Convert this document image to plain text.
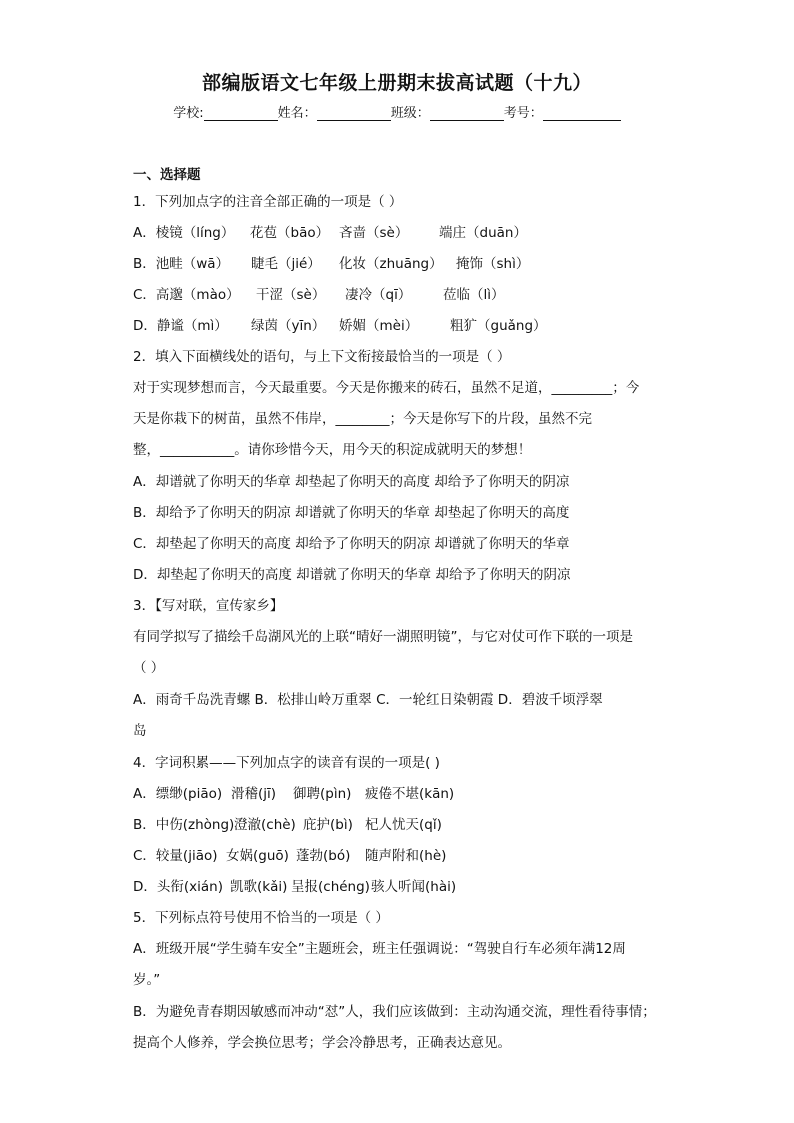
部编版语文七年级上册期末拔高试题（十九）
学校:	姓名：	班级：	考号：
一、选择题
1．下列加点字的注音全部正确的一项是（ ）
A．棱镜（líng） 花苞（bāo） 吝啬（sè） 端庄（duān）
B．池畦（wā） 睫毛（jié） 化妆（zhuāng） 掩饰（shì）
C．高邈（mào） 干涩（sè） 凄冷（qī） 莅临（lì）
D．静谧（mì） 绿茵（yīn） 娇媚（mèi） 粗犷（guǎng）
2．填入下面横线处的语句，与上下文衔接最恰当的一项是（ ）
对于实现梦想而言，今天最重要。今天是你搬来的砖石，虽然不足道，_________；今
天是你栽下的树苗，虽然不伟岸，________；今天是你写下的片段，虽然不完
整，___________。请你珍惜今天，用今天的积淀成就明天的梦想！
A．却谱就了你明天的华章 却垫起了你明天的高度 却给予了你明天的阴凉
B．却给予了你明天的阴凉 却谱就了你明天的华章 却垫起了你明天的高度
C．却垫起了你明天的高度 却给予了你明天的阴凉 却谱就了你明天的华章
D．却垫起了你明天的高度 却谱就了你明天的华章 却给予了你明天的阴凉
3．【写对联，宣传家乡】
有同学拟写了描绘千岛湖风光的上联“晴好一湖照明镜”，与它对仗可作下联的一项是
（ ）
A．雨奇千岛洗青螺 B．松排山岭万重翠 C．一轮红日染朝霞 D．碧波千顷浮翠
岛
4．字词积累——下列加点字的读音有误的一项是( )
A．缥缈(piāo) 滑稽(jī) 御聘(pìn) 疲倦不堪(kān)
B．中伤(zhòng)澄澈(chè) 庇护(bì) 杞人忧天(qǐ)
C．较量(jiāo) 女娲(guō) 蓬勃(bó) 随声附和(hè)
D．头衔(xián) 凯歌(kǎi) 呈报(chéng)骇人听闻(hài)
5．下列标点符号使用不恰当的一项是（ ）
A．班级开展“学生骑车安全”主题班会，班主任强调说：“驾驶自行车必须年满12周
岁。”
B．为避免青春期因敏感而冲动“怼”人，我们应该做到：主动沟通交流，理性看待事情；
提高个人修养，学会换位思考；学会冷静思考，正确表达意见。
